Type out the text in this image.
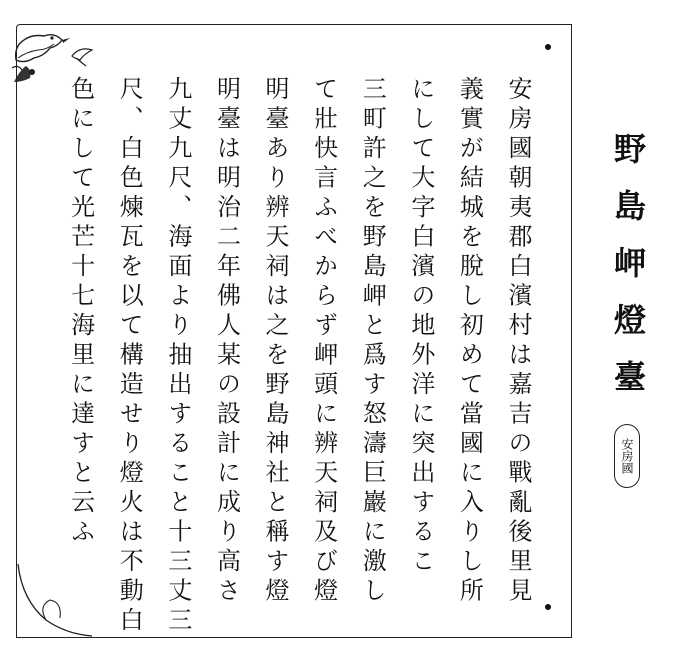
安房國朝夷郡白濱村は嘉吉の戰亂後里見
義實が結城を脫し初めて當國に入りし所
にして大字白濱の地外洋に突出するこ
三町許之を野島岬と爲す怒濤巨巖に激し
て壯快言ふべからず岬頭に辨天祠及び燈
明臺あり辨天祠は之を野島神社と稱す燈
明臺は明治二年佛人某の設計に成り高さ
九丈九尺、海面より抽出すること十三丈三
尺、白色煉瓦を以て構造せり燈火は不動白
色にして光芒十七海里に達すと云ふ	野島岬燈臺
安房國
